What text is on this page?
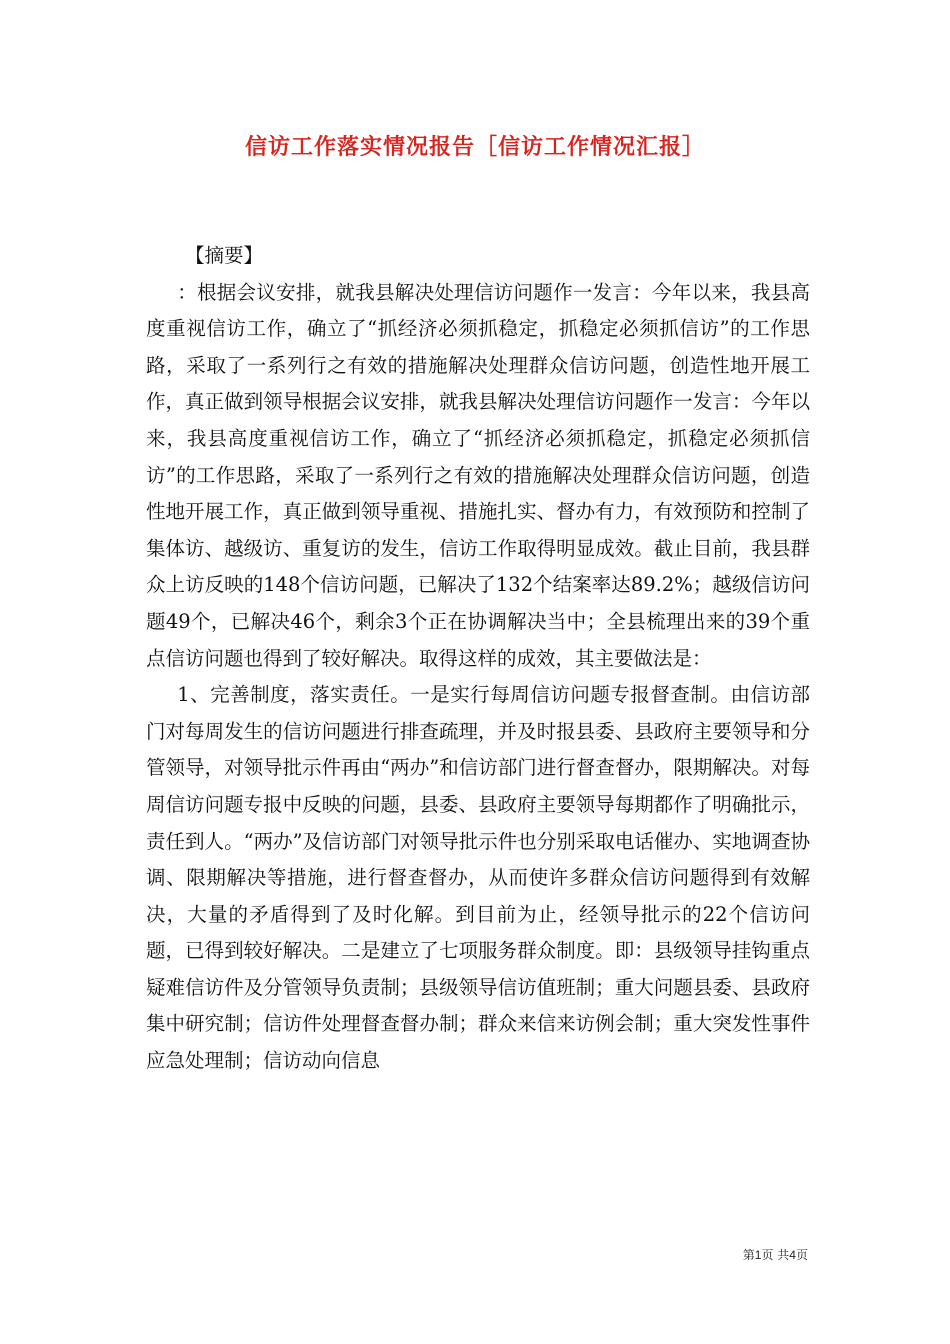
信访工作落实情况报告［信访工作情况汇报］

【摘要】

：根据会议安排，就我县解决处理信访问题作一发言：今年以来，我县高度重视信访工作，确立了“抓经济必须抓稳定，抓稳定必须抓信访”的工作思路，采取了一系列行之有效的措施解决处理群众信访问题，创造性地开展工作，真正做到领导根据会议安排，就我县解决处理信访问题作一发言：今年以来，我县高度重视信访工作，确立了“抓经济必须抓稳定，抓稳定必须抓信访”的工作思路，采取了一系列行之有效的措施解决处理群众信访问题，创造性地开展工作，真正做到领导重视、措施扎实、督办有力，有效预防和控制了集体访、越级访、重复访的发生，信访工作取得明显成效。截止目前，我县群众上访反映的148个信访问题，已解决了132个结案率达89.2%；越级信访问题49个，已解决46个，剩余3个正在协调解决当中；全县梳理出来的39个重点信访问题也得到了较好解决。取得这样的成效，其主要做法是：

1、完善制度，落实责任。一是实行每周信访问题专报督查制。由信访部门对每周发生的信访问题进行排查疏理，并及时报县委、县政府主要领导和分管领导，对领导批示件再由“两办”和信访部门进行督查督办，限期解决。对每周信访问题专报中反映的问题，县委、县政府主要领导每期都作了明确批示，责任到人。“两办”及信访部门对领导批示件也分别采取电话催办、实地调查协调、限期解决等措施，进行督查督办，从而使许多群众信访问题得到有效解决，大量的矛盾得到了及时化解。到目前为止，经领导批示的22个信访问题，已得到较好解决。二是建立了七项服务群众制度。即：县级领导挂钩重点疑难信访件及分管领导负责制；县级领导信访值班制；重大问题县委、县政府集中研究制；信访件处理督查督办制；群众来信来访例会制；重大突发性事件应急处理制；信访动向信息

第1页 共4页
